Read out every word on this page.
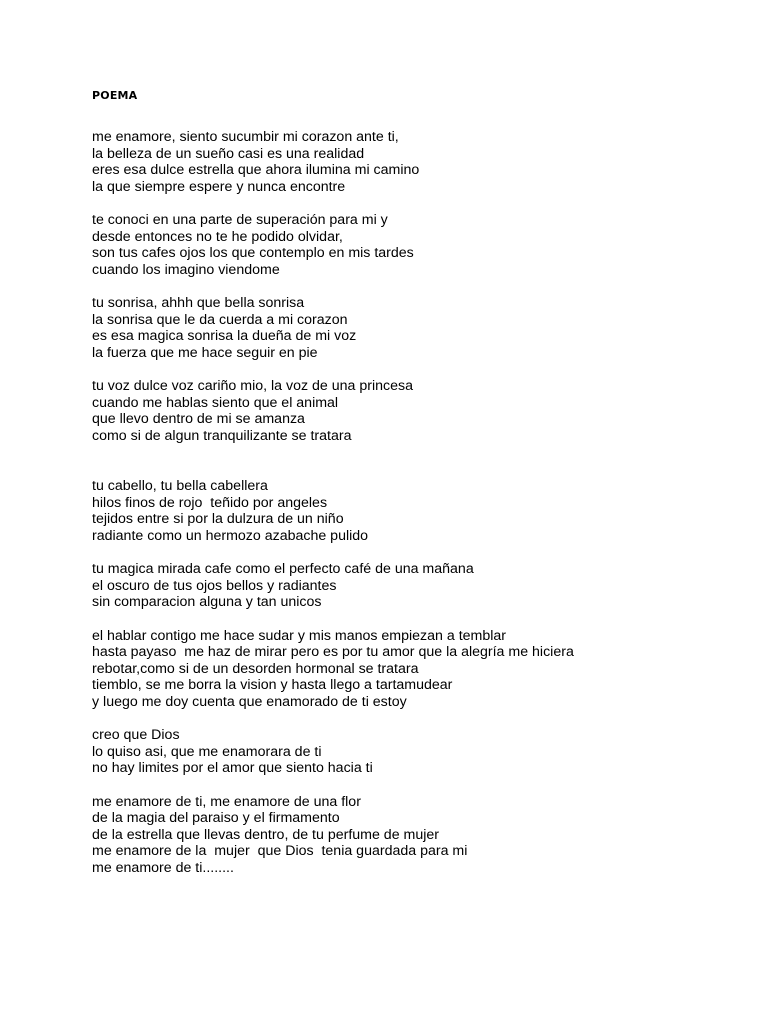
POEMA
me enamore, siento sucumbir mi corazon ante ti,
la belleza de un sueño casi es una realidad
eres esa dulce estrella que ahora ilumina mi camino
la que siempre espere y nunca encontre
te conoci en una parte de superación para mi y
desde entonces no te he podido olvidar,
son tus cafes ojos los que contemplo en mis tardes
cuando los imagino viendome
tu sonrisa, ahhh que bella sonrisa
la sonrisa que le da cuerda a mi corazon
es esa magica sonrisa la dueña de mi voz
la fuerza que me hace seguir en pie
tu voz dulce voz cariño mio, la voz de una princesa
cuando me hablas siento que el animal
que llevo dentro de mi se amanza
como si de algun tranquilizante se tratara
tu cabello, tu bella cabellera
hilos finos de rojo  teñido por angeles
tejidos entre si por la dulzura de un niño
radiante como un hermozo azabache pulido
tu magica mirada cafe como el perfecto café de una mañana
el oscuro de tus ojos bellos y radiantes
sin comparacion alguna y tan unicos
el hablar contigo me hace sudar y mis manos empiezan a temblar
hasta payaso  me haz de mirar pero es por tu amor que la alegría me hiciera
rebotar,como si de un desorden hormonal se tratara
tiemblo, se me borra la vision y hasta llego a tartamudear
y luego me doy cuenta que enamorado de ti estoy
creo que Dios
lo quiso asi, que me enamorara de ti
no hay limites por el amor que siento hacia ti
me enamore de ti, me enamore de una flor
de la magia del paraiso y el firmamento
de la estrella que llevas dentro, de tu perfume de mujer
me enamore de la  mujer  que Dios  tenia guardada para mi
me enamore de ti........
